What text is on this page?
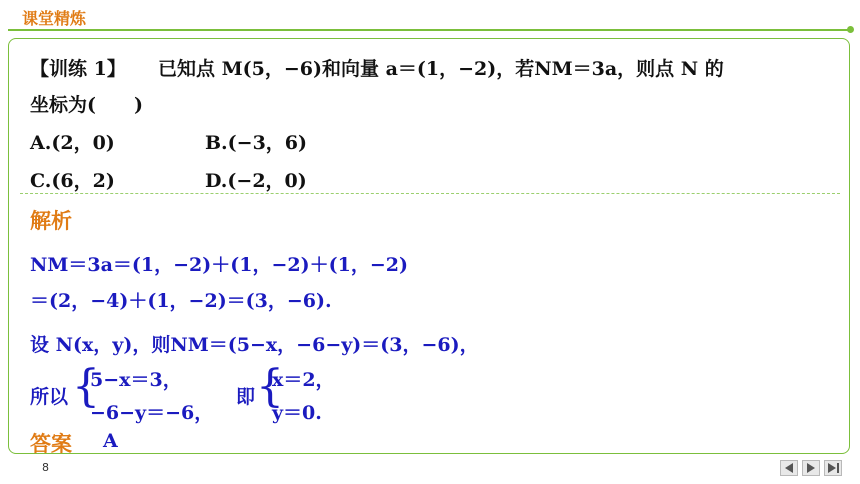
课堂精炼
【训练 1】 已知点 M(5，−6)和向量 a＝(1，−2)，若NM＝3a，则点 N 的
坐标为(　　)
A.(2，0)	B.(−3，6)
C.(6，2)	D.(−2，0)
解析
NM＝3a＝(1，−2)＋(1，−2)＋(1，−2)
＝(2，−4)＋(1，−2)＝(3，−6).
设 N(x，y)，则NM＝(5−x，−6−y)＝(3，−6)，
所以 {
5−x＝3，
−6−y＝−6，
即 {
x＝2，
y＝0.
答案 A
8
